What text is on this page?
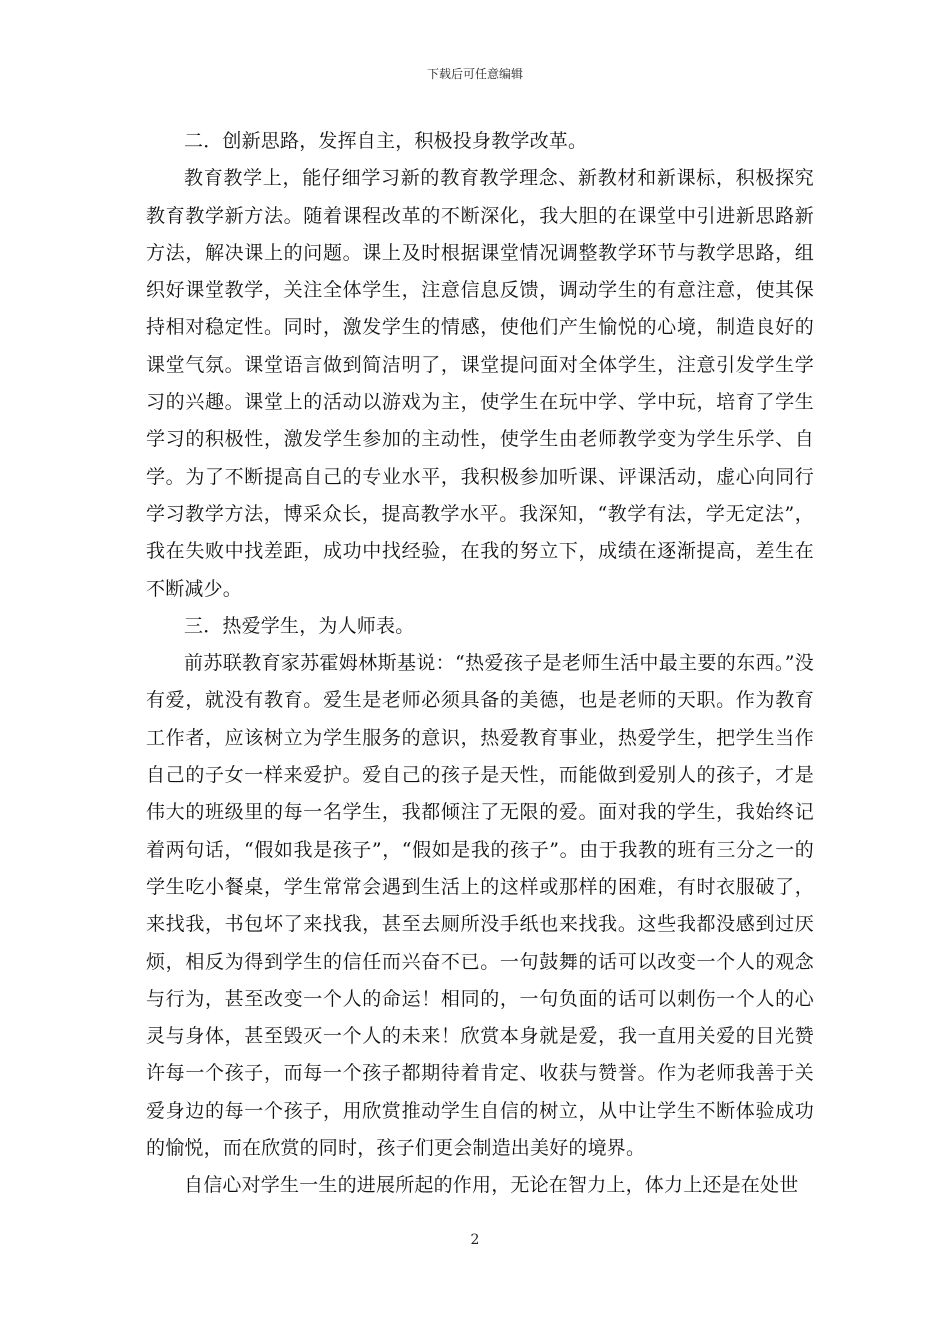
下载后可任意编辑

二．创新思路，发挥自主，积极投身教学改革。

教育教学上，能仔细学习新的教育教学理念、新教材和新课标，积极探究教育教学新方法。随着课程改革的不断深化，我大胆的在课堂中引进新思路新方法，解决课上的问题。课上及时根据课堂情况调整教学环节与教学思路，组织好课堂教学，关注全体学生，注意信息反馈，调动学生的有意注意，使其保持相对稳定性。同时，激发学生的情感，使他们产生愉悦的心境，制造良好的课堂气氛。课堂语言做到简洁明了，课堂提问面对全体学生，注意引发学生学习的兴趣。课堂上的活动以游戏为主，使学生在玩中学、学中玩，培育了学生学习的积极性，激发学生参加的主动性，使学生由老师教学变为学生乐学、自学。为了不断提高自己的专业水平，我积极参加听课、评课活动，虚心向同行学习教学方法，博采众长，提高教学水平。我深知，“教学有法，学无定法”，我在失败中找差距，成功中找经验，在我的努立下，成绩在逐渐提高，差生在不断减少。

三．热爱学生，为人师表。

前苏联教育家苏霍姆林斯基说：“热爱孩子是老师生活中最主要的东西。”没有爱，就没有教育。爱生是老师必须具备的美德，也是老师的天职。作为教育工作者，应该树立为学生服务的意识，热爱教育事业，热爱学生，把学生当作自己的子女一样来爱护。爱自己的孩子是天性，而能做到爱别人的孩子，才是伟大的班级里的每一名学生，我都倾注了无限的爱。面对我的学生，我始终记着两句话，“假如我是孩子”，“假如是我的孩子”。由于我教的班有三分之一的学生吃小餐桌，学生常常会遇到生活上的这样或那样的困难，有时衣服破了，来找我，书包坏了来找我，甚至去厕所没手纸也来找我。这些我都没感到过厌烦，相反为得到学生的信任而兴奋不已。一句鼓舞的话可以改变一个人的观念与行为，甚至改变一个人的命运！相同的，一句负面的话可以刺伤一个人的心灵与身体，甚至毁灭一个人的未来！欣赏本身就是爱，我一直用关爱的目光赞许每一个孩子，而每一个孩子都期待着肯定、收获与赞誉。作为老师我善于关爱身边的每一个孩子，用欣赏推动学生自信的树立，从中让学生不断体验成功的愉悦，而在欣赏的同时，孩子们更会制造出美好的境界。

自信心对学生一生的进展所起的作用，无论在智力上，体力上还是在处世

2
